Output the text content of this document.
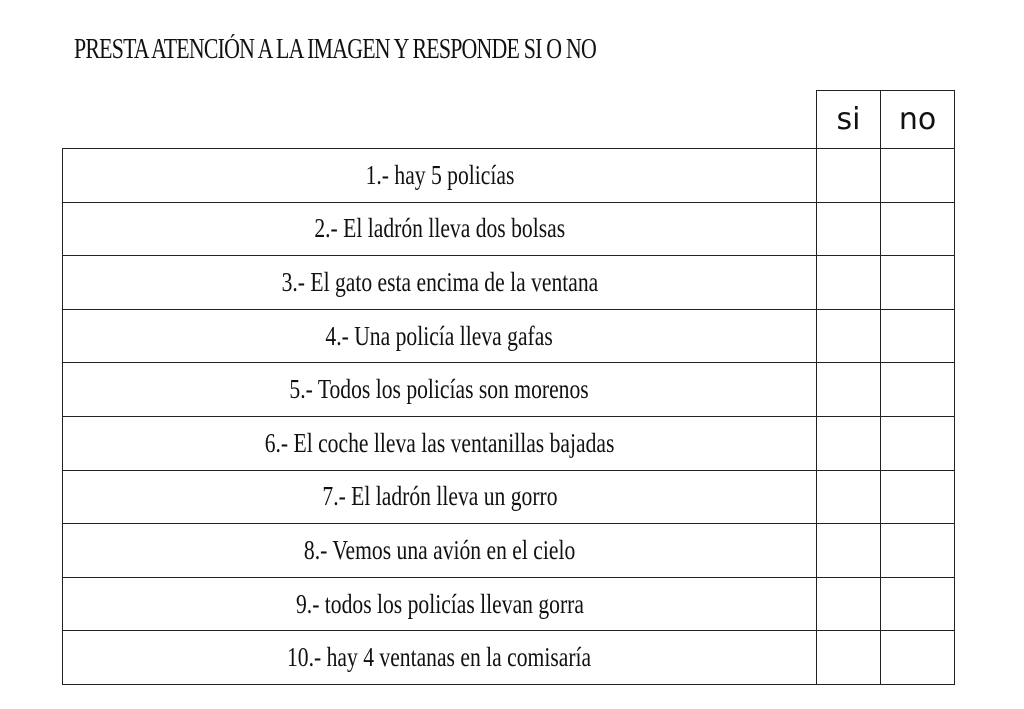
PRESTA ATENCIÓN A LA IMAGEN Y RESPONDE SI O NO
	si	no
1.- hay 5 policías		
2.- El ladrón lleva dos bolsas		
3.- El gato esta encima de la ventana		
4.- Una policía lleva gafas		
5.- Todos los policías son morenos		
6.- El coche lleva las ventanillas bajadas		
7.- El ladrón lleva un gorro		
8.- Vemos una avión en el cielo		
9.- todos los policías llevan gorra		
10.- hay 4 ventanas en la comisaría		
